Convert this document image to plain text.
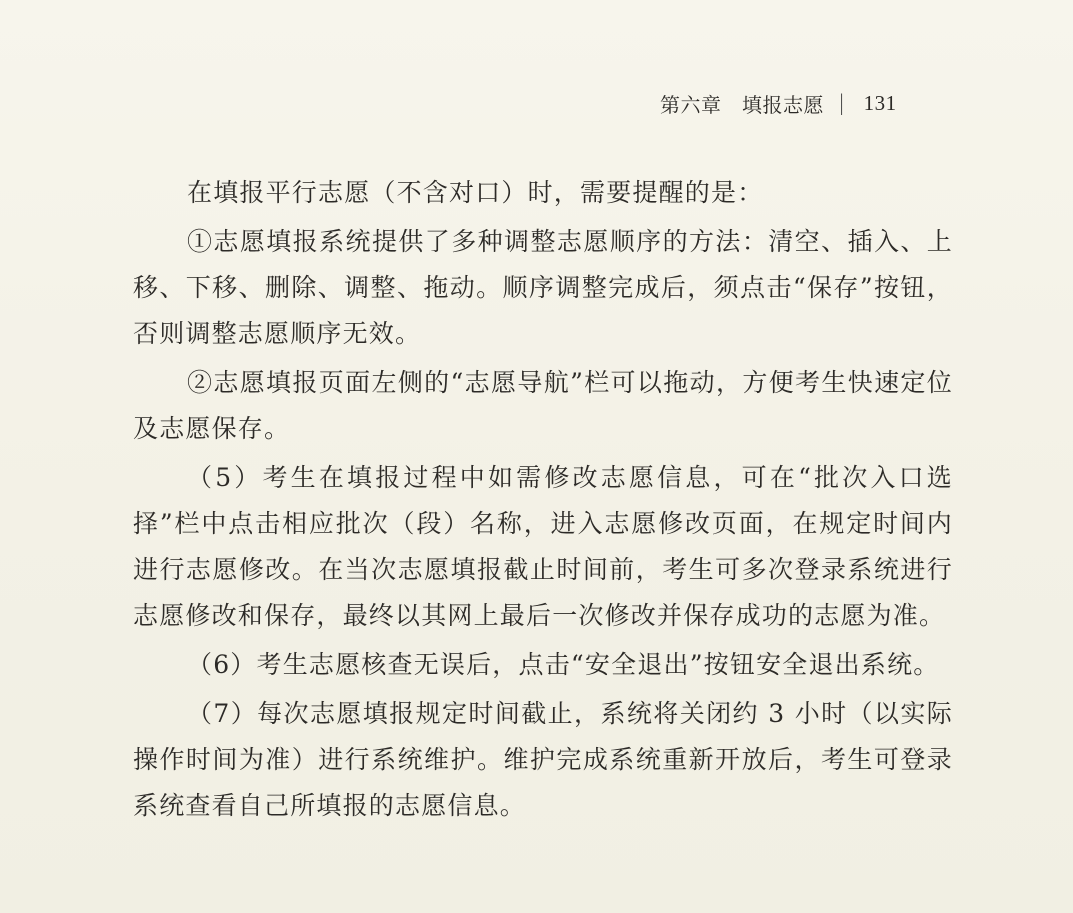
第六章　填报志愿 | 131

在填报平行志愿（不含对口）时，需要提醒的是：

①志愿填报系统提供了多种调整志愿顺序的方法：清空、插入、上移、下移、删除、调整、拖动。顺序调整完成后，须点击“保存”按钮，否则调整志愿顺序无效。

②志愿填报页面左侧的“志愿导航”栏可以拖动，方便考生快速定位及志愿保存。

（5）考生在填报过程中如需修改志愿信息，可在“批次入口选择”栏中点击相应批次（段）名称，进入志愿修改页面，在规定时间内进行志愿修改。在当次志愿填报截止时间前，考生可多次登录系统进行志愿修改和保存，最终以其网上最后一次修改并保存成功的志愿为准。

（6）考生志愿核查无误后，点击“安全退出”按钮安全退出系统。

（7）每次志愿填报规定时间截止，系统将关闭约 3 小时（以实际操作时间为准）进行系统维护。维护完成系统重新开放后，考生可登录系统查看自己所填报的志愿信息。
